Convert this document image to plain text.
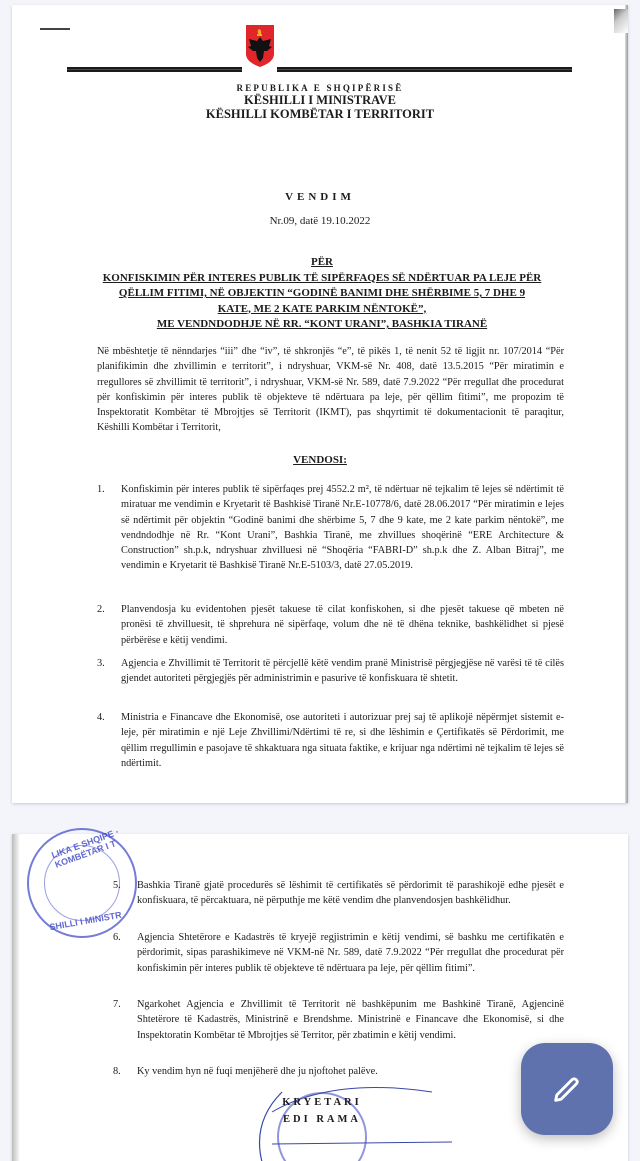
REPUBLIKA E SHQIPËRISË
KËSHILLI I MINISTRAVE
KËSHILLI KOMBËTAR I TERRITORIT
VENDIM
Nr.09, datë 19.10.2022
PËR
KONFISKIMIN PËR INTERES PUBLIK TË SIPËRFAQES SË NDËRTUAR PA LEJE PËR QËLLIM FITIMI, NË OBJEKTIN “GODINË BANIMI DHE SHËRBIME 5, 7 DHE 9 KATE, ME 2 KATE PARKIM NËNTOKË”,
ME VENDNDODHJE NË RR. “KONT URANI”, BASHKIA TIRANË
Në mbështetje të nënndarjes “iii” dhe “iv”, të shkronjës “e”, të pikës 1, të nenit 52 të ligjit nr. 107/2014 “Për planifikimin dhe zhvillimin e territorit”, i ndryshuar, VKM-së Nr. 408, datë 13.5.2015 “Për miratimin e rregullores së zhvillimit të territorit”, i ndryshuar, VKM-së Nr. 589, datë 7.9.2022 “Për rregullat dhe procedurat për konfiskimin për interes publik të objekteve të ndërtuara pa leje, për qëllim fitimi”, me propozim të Inspektoratit Kombëtar të Mbrojtjes së Territorit (IKMT), pas shqyrtimit të dokumentacionit të paraqitur, Këshilli Kombëtar i Territorit,
VENDOSI:
1.	Konfiskimin për interes publik të sipërfaqes prej 4552.2 m², të ndërtuar në tejkalim të lejes së ndërtimit të miratuar me vendimin e Kryetarit të Bashkisë Tiranë Nr.E-10778/6, datë 28.06.2017 “Për miratimin e lejes së ndërtimit për objektin “Godinë banimi dhe shërbime 5, 7 dhe 9 kate, me 2 kate parkim nëntokë”, me vendndodhje në Rr. “Kont Urani”, Bashkia Tiranë, me zhvillues shoqërinë “ERE Architecture & Construction” sh.p.k, ndryshuar zhvilluesi në “Shoqëria “FABRI-D” sh.p.k dhe Z. Alban Bitraj”, me vendimin e Kryetarit të Bashkisë Tiranë Nr.E-5103/3, datë 27.05.2019.
2.	Planvendosja ku evidentohen pjesët takuese të cilat konfiskohen, si dhe pjesët takuese që mbeten në pronësi të zhvilluesit, të shprehura në sipërfaqe, volum dhe në të dhëna teknike, bashkëlidhet si pjesë përbërëse e këtij vendimi.
3.	Agjencia e Zhvillimit të Territorit të përcjellë këtë vendim pranë Ministrisë përgjegjëse në varësi të të cilës gjendet autoriteti përgjegjës për administrimin e pasurive të konfiskuara të shtetit.
4.	Ministria e Financave dhe Ekonomisë, ose autoriteti i autorizuar prej saj të aplikojë nëpërmjet sistemit e-leje, për miratimin e një Leje Zhvillimi/Ndërtimi të re, si dhe lëshimin e Çertifikatës së Përdorimit, me qëllim rregullimin e pasojave të shkaktuara nga situata faktike, e krijuar nga ndërtimi në tejkalim të lejes së ndërtimit.
LIKA E SHQIPE · KOMBËTAR I T
SHILLI I MINISTR
5.	Bashkia Tiranë gjatë procedurës së lëshimit të certifikatës së përdorimit të parashikojë edhe pjesët e konfiskuara, të përcaktuara, në përputhje me këtë vendim dhe planvendosjen bashkëlidhur.
6.	Agjencia Shtetërore e Kadastrës të kryejë regjistrimin e këtij vendimi, së bashku me certifikatën e përdorimit, sipas parashikimeve në VKM-në Nr. 589, datë 7.9.2022 “Për rregullat dhe procedurat për konfiskimin për interes publik të objekteve të ndërtuara pa leje, për qëllim fitimi”.
7.	Ngarkohet Agjencia e Zhvillimit të Territorit në bashkëpunim me Bashkinë Tiranë, Agjencinë Shtetërore të Kadastrës, Ministrinë e Brendshme. Ministrinë e Financave dhe Ekonomisë, si dhe Inspektoratin Kombëtar të Mbrojtjes së Territor, për zbatimin e këtij vendimi.
8.	Ky vendim hyn në fuqi menjëherë dhe ju njoftohet palëve.
KRYETARI
EDI RAMA
